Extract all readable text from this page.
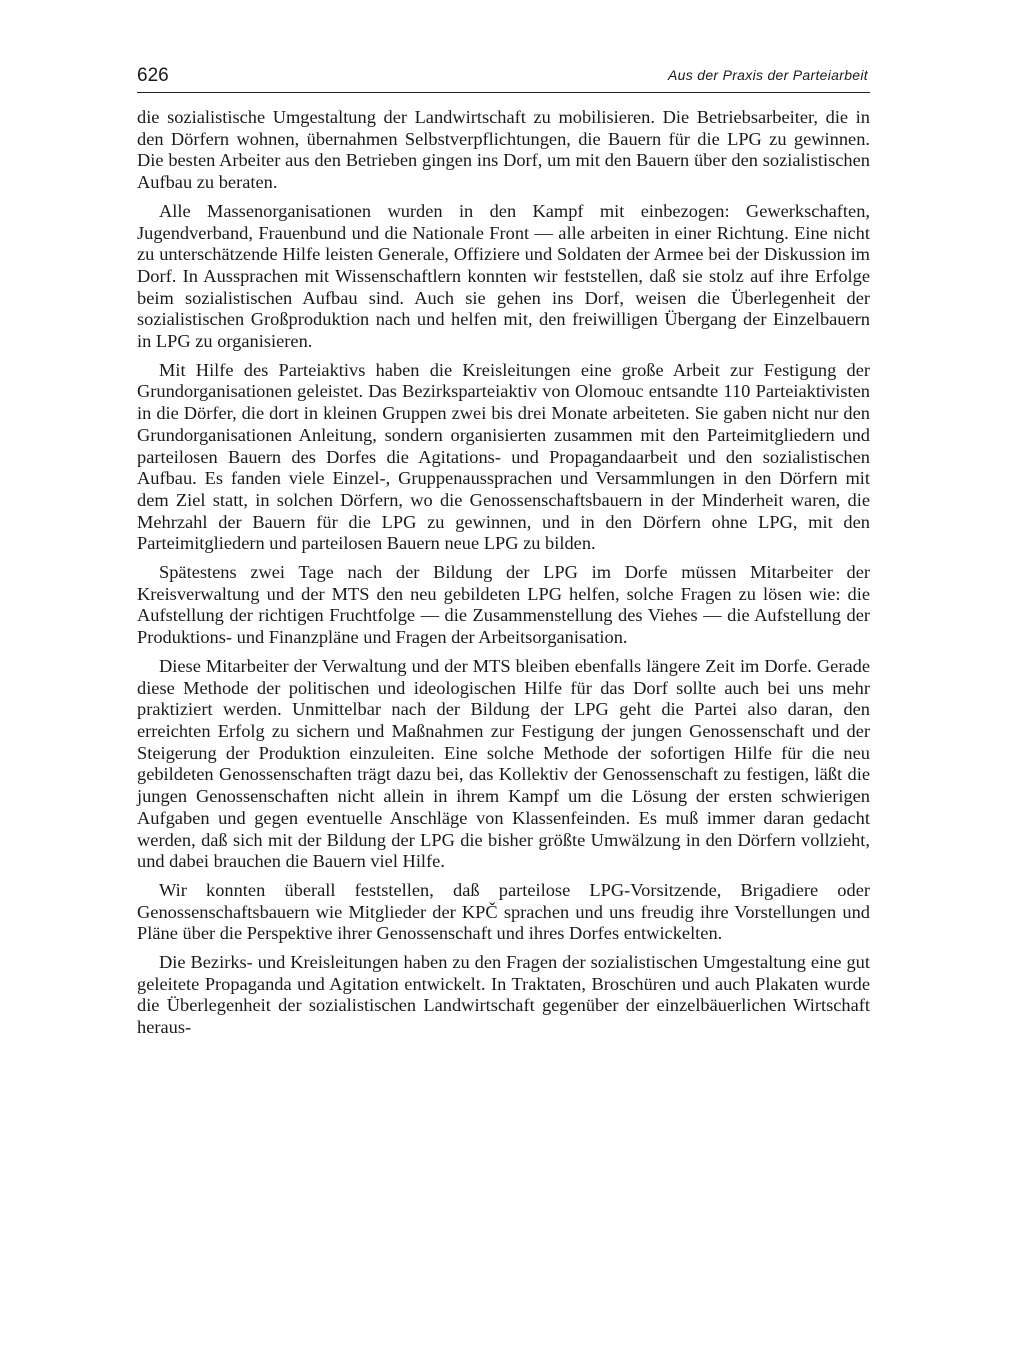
626	Aus der Praxis der Parteiarbeit

die sozialistische Umgestaltung der Landwirtschaft zu mobilisieren. Die Betriebsarbeiter, die in den Dörfern wohnen, übernahmen Selbstverpflichtungen, die Bauern für die LPG zu gewinnen. Die besten Arbeiter aus den Betrieben gingen ins Dorf, um mit den Bauern über den sozialistischen Aufbau zu beraten.

Alle Massenorganisationen wurden in den Kampf mit einbezogen: Gewerkschaften, Jugendverband, Frauenbund und die Nationale Front — alle arbeiten in einer Richtung. Eine nicht zu unterschätzende Hilfe leisten Generale, Offiziere und Soldaten der Armee bei der Diskussion im Dorf. In Aussprachen mit Wissenschaftlern konnten wir feststellen, daß sie stolz auf ihre Erfolge beim sozialistischen Aufbau sind. Auch sie gehen ins Dorf, weisen die Überlegenheit der sozialistischen Großproduktion nach und helfen mit, den freiwilligen Übergang der Einzelbauern in LPG zu organisieren.

Mit Hilfe des Parteiaktivs haben die Kreisleitungen eine große Arbeit zur Festigung der Grundorganisationen geleistet. Das Bezirksparteiaktiv von Olomouc entsandte 110 Parteiaktivisten in die Dörfer, die dort in kleinen Gruppen zwei bis drei Monate arbeiteten. Sie gaben nicht nur den Grundorganisationen Anleitung, sondern organisierten zusammen mit den Parteimitgliedern und parteilosen Bauern des Dorfes die Agitations- und Propagandaarbeit und den sozialistischen Aufbau. Es fanden viele Einzel-, Gruppenaussprachen und Versammlungen in den Dörfern mit dem Ziel statt, in solchen Dörfern, wo die Genossenschaftsbauern in der Minderheit waren, die Mehrzahl der Bauern für die LPG zu gewinnen, und in den Dörfern ohne LPG, mit den Parteimitgliedern und parteilosen Bauern neue LPG zu bilden.

Spätestens zwei Tage nach der Bildung der LPG im Dorfe müssen Mitarbeiter der Kreisverwaltung und der MTS den neu gebildeten LPG helfen, solche Fragen zu lösen wie: die Aufstellung der richtigen Fruchtfolge — die Zusammenstellung des Viehes — die Aufstellung der Produktions- und Finanzpläne und Fragen der Arbeitsorganisation.

Diese Mitarbeiter der Verwaltung und der MTS bleiben ebenfalls längere Zeit im Dorfe. Gerade diese Methode der politischen und ideologischen Hilfe für das Dorf sollte auch bei uns mehr praktiziert werden. Unmittelbar nach der Bildung der LPG geht die Partei also daran, den erreichten Erfolg zu sichern und Maßnahmen zur Festigung der jungen Genossenschaft und der Steigerung der Produktion einzuleiten. Eine solche Methode der sofortigen Hilfe für die neu gebildeten Genossenschaften trägt dazu bei, das Kollektiv der Genossenschaft zu festigen, läßt die jungen Genossenschaften nicht allein in ihrem Kampf um die Lösung der ersten schwierigen Aufgaben und gegen eventuelle Anschläge von Klassenfeinden. Es muß immer daran gedacht werden, daß sich mit der Bildung der LPG die bisher größte Umwälzung in den Dörfern vollzieht, und dabei brauchen die Bauern viel Hilfe.

Wir konnten überall feststellen, daß parteilose LPG-Vorsitzende, Brigadiere oder Genossenschaftsbauern wie Mitglieder der KPČ sprachen und uns freudig ihre Vorstellungen und Pläne über die Perspektive ihrer Genossenschaft und ihres Dorfes entwickelten.

Die Bezirks- und Kreisleitungen haben zu den Fragen der sozialistischen Umgestaltung eine gut geleitete Propaganda und Agitation entwickelt. In Traktaten, Broschüren und auch Plakaten wurde die Überlegenheit der sozialistischen Landwirtschaft gegenüber der einzelbäuerlichen Wirtschaft heraus-
